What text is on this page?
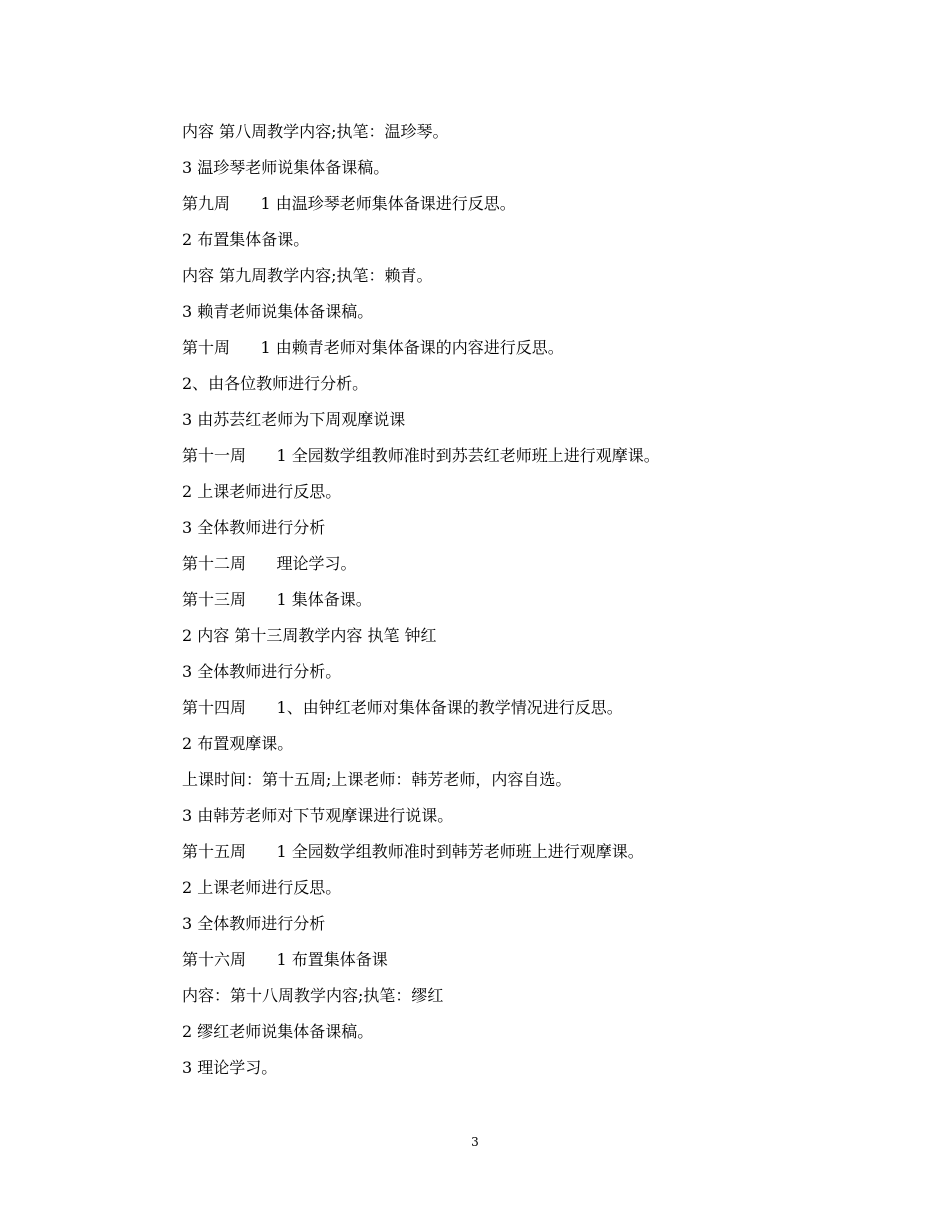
内容 第八周教学内容;执笔：温珍琴。
3 温珍琴老师说集体备课稿。
第九周      1 由温珍琴老师集体备课进行反思。
2 布置集体备课。
内容 第九周教学内容;执笔：赖青。
3 赖青老师说集体备课稿。
第十周      1 由赖青老师对集体备课的内容进行反思。
2、由各位教师进行分析。
3 由苏芸红老师为下周观摩说课
第十一周      1 全园数学组教师准时到苏芸红老师班上进行观摩课。
2 上课老师进行反思。
3 全体教师进行分析
第十二周      理论学习。
第十三周      1 集体备课。
2 内容 第十三周教学内容 执笔 钟红
3 全体教师进行分析。
第十四周      1、由钟红老师对集体备课的教学情况进行反思。
2 布置观摩课。
上课时间：第十五周;上课老师：韩芳老师，内容自选。
3 由韩芳老师对下节观摩课进行说课。
第十五周      1 全园数学组教师准时到韩芳老师班上进行观摩课。
2 上课老师进行反思。
3 全体教师进行分析
第十六周      1 布置集体备课
内容：第十八周教学内容;执笔：缪红
2 缪红老师说集体备课稿。
3 理论学习。
3
